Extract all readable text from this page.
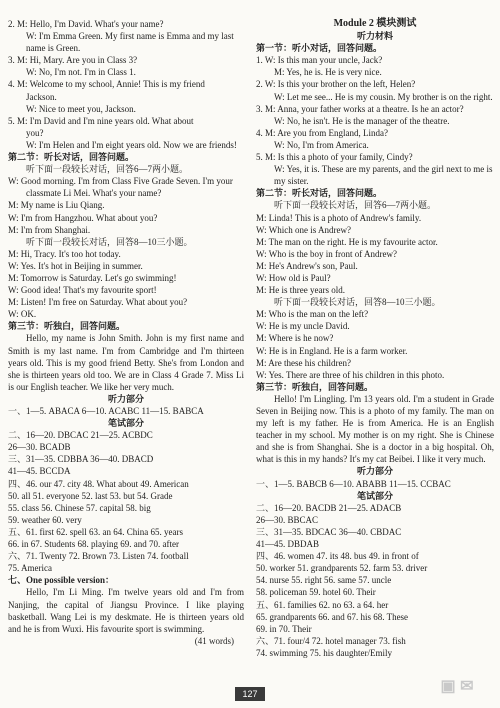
2. M: Hello, I'm David. What's your name?
W: I'm Emma Green. My first name is Emma and my last name is Green.
3. M: Hi, Mary. Are you in Class 3?
W: No, I'm not. I'm in Class 1.
4. M: Welcome to my school, Annie! This is my friend
Jackson.
W: Nice to meet you, Jackson.
5. M: I'm David and I'm nine years old. What about
you?
W: I'm Helen and I'm eight years old. Now we are friends!
第二节：听长对话，回答问题。
听下面一段较长对话，回答6—7两小题。
W: Good morning. I'm from Class Five Grade Seven. I'm your
classmate Li Mei. What's your name?
M: My name is Liu Qiang.
W: I'm from Hangzhou. What about you?
M: I'm from Shanghai.
听下面一段较长对话，回答8—10三小题。
M: Hi, Tracy. It's too hot today.
W: Yes. It's hot in Beijing in summer.
M: Tomorrow is Saturday. Let's go swimming!
W: Good idea! That's my favourite sport!
M: Listen! I'm free on Saturday. What about you?
W: OK.
第三节：听独白，回答问题。
Hello, my name is John Smith. John is my first name and Smith is my last name. I'm from Cambridge and I'm thirteen years old. This is my good friend Betty. She's from London and she is thirteen years old too. We are in Class 4 Grade 7. Miss Li is our English teacher. We like her very much.
听力部分
一、1—5. ABACA 6—10. ACABC 11—15. BABCA
笔试部分
二、16—20. DBCAC 21—25. ACBDC
26—30. BCADB
三、31—35. CDBBA 36—40. DBACD
41—45. BCCDA
四、46. our 47. city 48. What about 49. American
50. all 51. everyone 52. last 53. but 54. Grade
55. class 56. Chinese 57. capital 58. big
59. weather 60. very
五、61. first 62. spell 63. an 64. China 65. years
66. in 67. Students 68. playing 69. and 70. after
六、71. Twenty 72. Brown 73. Listen 74. football
75. America
七、One possible version：
Hello, I'm Li Ming. I'm twelve years old and I'm from Nanjing, the capital of Jiangsu Province. I like playing basketball. Wang Lei is my deskmate. He is thirteen years old and he is from Wuxi. His favourite sport is swimming.
(41 words)
Module 2 模块测试
听力材料
第一节：听小对话，回答问题。
1. W: Is this man your uncle, Jack?
M: Yes, he is. He is very nice.
2. W: Is this your brother on the left, Helen?
W: Let me see... He is my cousin. My brother is on the right.
3. M: Anna, your father works at a theatre. Is he an actor?
W: No, he isn't. He is the manager of the theatre.
4. M: Are you from England, Linda?
W: No, I'm from America.
5. M: Is this a photo of your family, Cindy?
W: Yes, it is. These are my parents, and the girl next to me is my sister.
第二节：听长对话，回答问题。
听下面一段较长对话，回答6—7两小题。
M: Linda! This is a photo of Andrew's family.
W: Which one is Andrew?
M: The man on the right. He is my favourite actor.
W: Who is the boy in front of Andrew?
M: He's Andrew's son, Paul.
W: How old is Paul?
M: He is three years old.
听下面一段较长对话，回答8—10三小题。
M: Who is the man on the left?
W: He is my uncle David.
M: Where is he now?
W: He is in England. He is a farm worker.
M: Are these his children?
W: Yes. There are three of his children in this photo.
第三节：听独白，回答问题。
Hello! I'm Lingling. I'm 13 years old. I'm a student in Grade Seven in Beijing now. This is a photo of my family. The man on my left is my father. He is from America. He is an English teacher in my school. My mother is on my right. She is Chinese and she is from Shanghai. She is a doctor in a big hospital. Oh, what is this in my hands? It's my cat Beibei. I like it very much.
听力部分
一、1—5. BABCB 6—10. ABABB 11—15. CCBAC
笔试部分
二、16—20. BACDB 21—25. ADACB
26—30. BBCAC
三、31—35. BDCAC 36—40. CBDAC
41—45. DBDAB
四、46. women 47. its 48. bus 49. in front of
50. worker 51. grandparents 52. farm 53. driver
54. nurse 55. right 56. same 57. uncle
58. policeman 59. hotel 60. Their
五、61. families 62. no 63. a 64. her
65. grandparents 66. and 67. his 68. These
69. in 70. Their
六、71. four/4 72. hotel manager 73. fish
74. swimming 75. his daughter/Emily
127	▣ ✉
